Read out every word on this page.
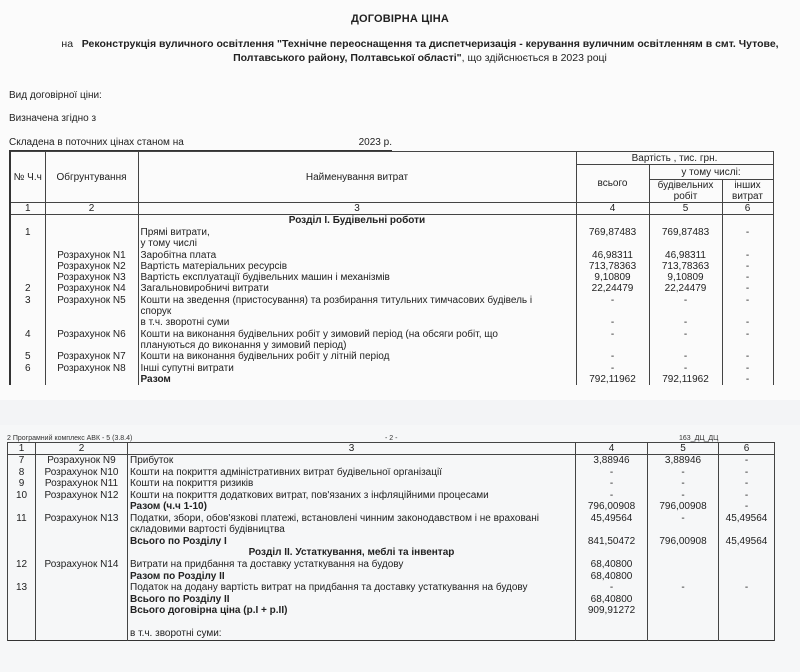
ДОГОВІРНА ЦІНА
на Реконструкція вуличного освітлення "Технічне переоснащення та диспетчеризація - керування вуличним освітленням в смт. Чутове, Полтавського району, Полтавської області", що здійснюється в 2023 році
Вид договірної ціни:
Визначена згідно з
Складена в поточних цінах станом на	2023 р.
№ Ч.ч	Обгрунтування	Найменування витрат	Вартість , тис. грн.		
			всього	у тому числі:	
				будівельних робіт	інших витрат
1	2	3	4	5	6
		Розділ І. Будівельні роботи			
1		Прямі витрати,	769,87483	769,87483	-
		у тому числі			
	Розрахунок N1	Заробітна плата	46,98311	46,98311	-
	Розрахунок N2	Вартість матеріальних ресурсів	713,78363	713,78363	-
	Розрахунок N3	Вартість експлуатації будівельних машин і механізмів	9,10809	9,10809	-
2	Розрахунок N4	Загальновиробничі витрати	22,24479	22,24479	-
3	Розрахунок N5	Кошти на зведення (пристосування) та розбирання титульних тимчасових будівель і	-	-	-
		спорук			
		в т.ч. зворотні суми	-	-	-
4	Розрахунок N6	Кошти на виконання будівельних робіт у зимовий період (на обсяги робіт, що	-	-	-
		плануються до виконання у зимовий період)			
5	Розрахунок N7	Кошти на виконання будівельних робіт у літній період	-	-	-
6	Розрахунок N8	Інші супутні витрати	-	-	-
		Разом	792,11962	792,11962	-
2 Програмний комплекс АВК - 5 (3.8.4)	- 2 -	163_ДЦ_ДЦ
1	2	3	4	5	6
7	Розрахунок N9	Прибуток	3,88946	3,88946	-
8	Розрахунок N10	Кошти на покриття адміністративних витрат будівельної організації	-	-	-
9	Розрахунок N11	Кошти на покриття ризиків	-	-	-
10	Розрахунок N12	Кошти на покриття додаткових витрат, пов'язаних з інфляційними процесами	-	-	-
		Разом (ч.ч 1-10)	796,00908	796,00908	-
11	Розрахунок N13	Податки, збори, обов'язкові платежі, встановлені чинним законодавством і не враховані	45,49564	-	45,49564
		складовими вартості будівництва			
		Всього по Розділу І	841,50472	796,00908	45,49564
		Розділ ІІ. Устаткування, меблі та інвентар			
12	Розрахунок N14	Витрати на придбання та доставку устаткування на будову	68,40800		
		Разом по Розділу ІІ	68,40800		
13		Податок на додану вартість витрат на придбання та доставку устаткування на будову	-	-	-
		Всього по Розділу ІІ	68,40800		
		Всього договірна ціна (р.І + р.ІІ)	909,91272		

		в т.ч. зворотні суми:			
